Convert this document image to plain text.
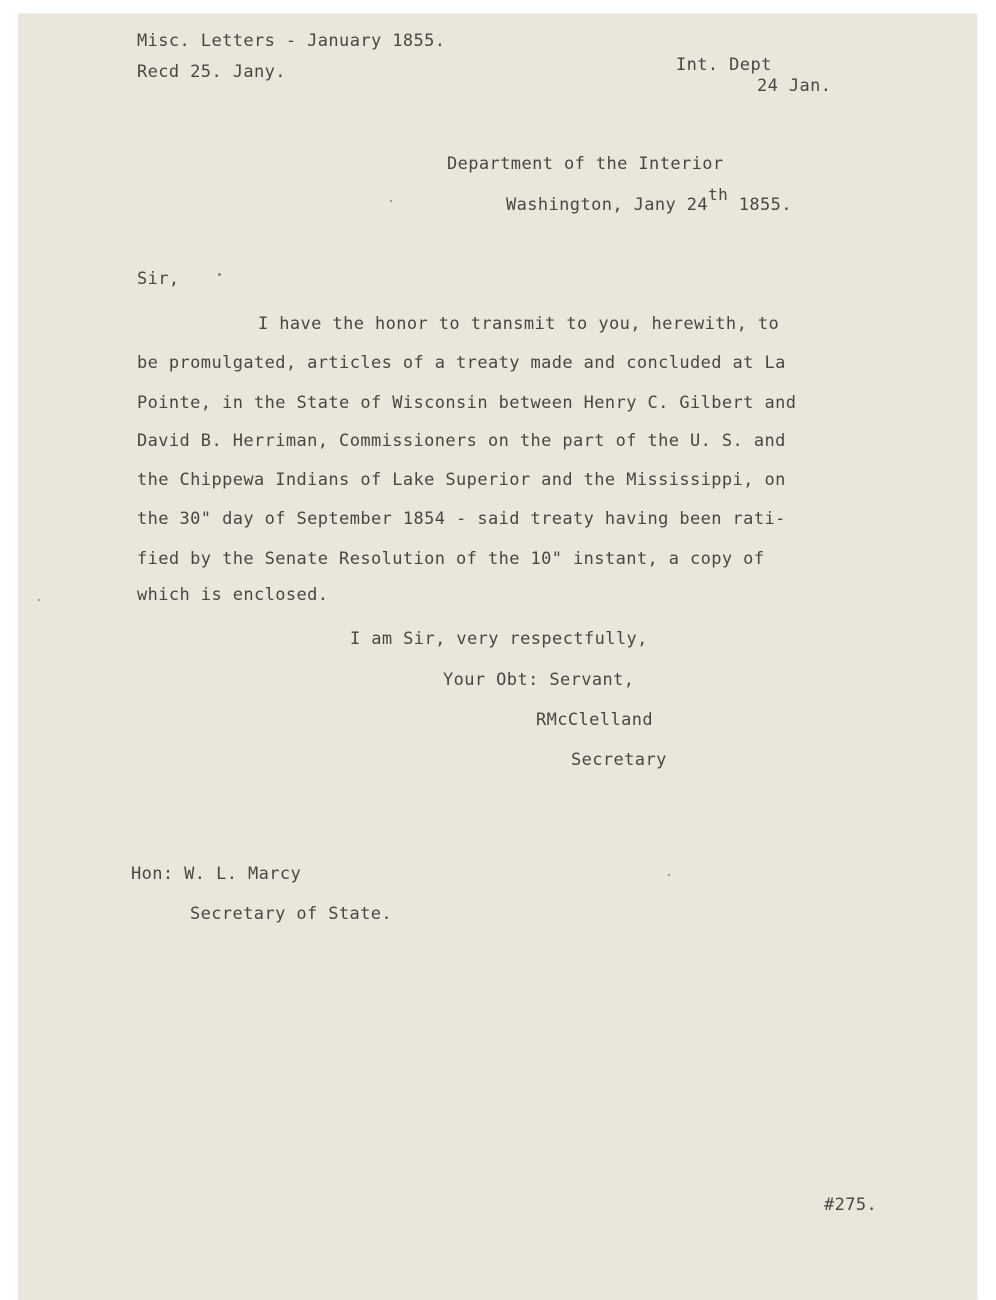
Misc. Letters - January 1855.
Recd 25. Jany.	Int. Dept
24 Jan.
Department of the Interior
Washington, Jany 24th 1855.
Sir,
I have the honor to transmit to you, herewith, to
be promulgated, articles of a treaty made and concluded at La
Pointe, in the State of Wisconsin between Henry C. Gilbert and
David B. Herriman, Commissioners on the part of the U. S. and
the Chippewa Indians of Lake Superior and the Mississippi, on
the 30" day of September 1854 - said treaty having been rati-
fied by the Senate Resolution of the 10" instant, a copy of
which is enclosed.
I am Sir, very respectfully,
Your Obt: Servant,
RMcClelland
Secretary
Hon: W. L. Marcy
Secretary of State.
#275.
